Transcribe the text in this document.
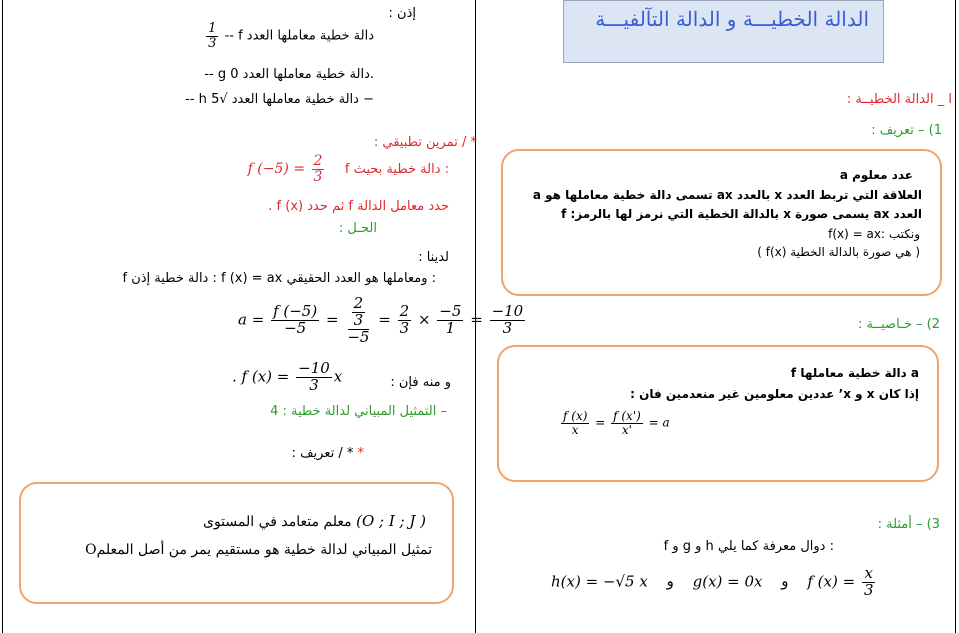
الدالة الخطيـــة و الدالة التآلفيـــة
ا _ الدالة الخطيــة :
1) – تعريف :
a عدد معلوم
العلاقة التي تربط العدد x بالعدد ax تسمى دالة خطية معاملها هو a
العدد ax يسمى صورة x بالدالة الخطية التي نرمز لها بالرمز: f
ونكتب :f(x) = ax
( f(x) هي صورة بالدالة الخطية )
2) – خـاصيــة :
f دالة خطية معاملها a
إذا كان x و x’ عددين معلومين غير منعدمين فان :
$\frac{f (x)}{x} = \frac{f (x')}{x'} = a$
3) – أمثلة :
f و g و h دوال معرفة كما يلي :
h(x) = −√5 x و g(x) = 0x و f $(x) = \frac{x}{3}$
إذن :
$\frac{1}{3}$ -- f دالة خطية معاملها العدد
-- g دالة خطية معاملها العدد 0.
-- h دالة خطية معاملها العدد √5 −
* / تمرين تطبيقي :
f $(-5) = \frac{2}{3}$ f دالة خطية بحيث :
حدد معامل الدالة f ثم حدد f (x) .
الحـل :
لدينا :
f دالة خطية إذن : f (x) = ax ومعاملها هو العدد الحقيقي :
$a = \frac{f (-5)}{-5} = \frac{\frac{2}{3}}{-5} = \frac{2}{3} \times \frac{-5}{1} = \frac{-10}{3}$
و منه فإن :
. f $(x) = \frac{-10}{3}$ x
– التمثيل المبياني لدالة خطية : 4
* * / تعريف :
معلم متعامد في المستوى (O ; I ; J )
تمثيل المبياني لدالة خطية هو مستقيم يمر من أصل المعلمO
